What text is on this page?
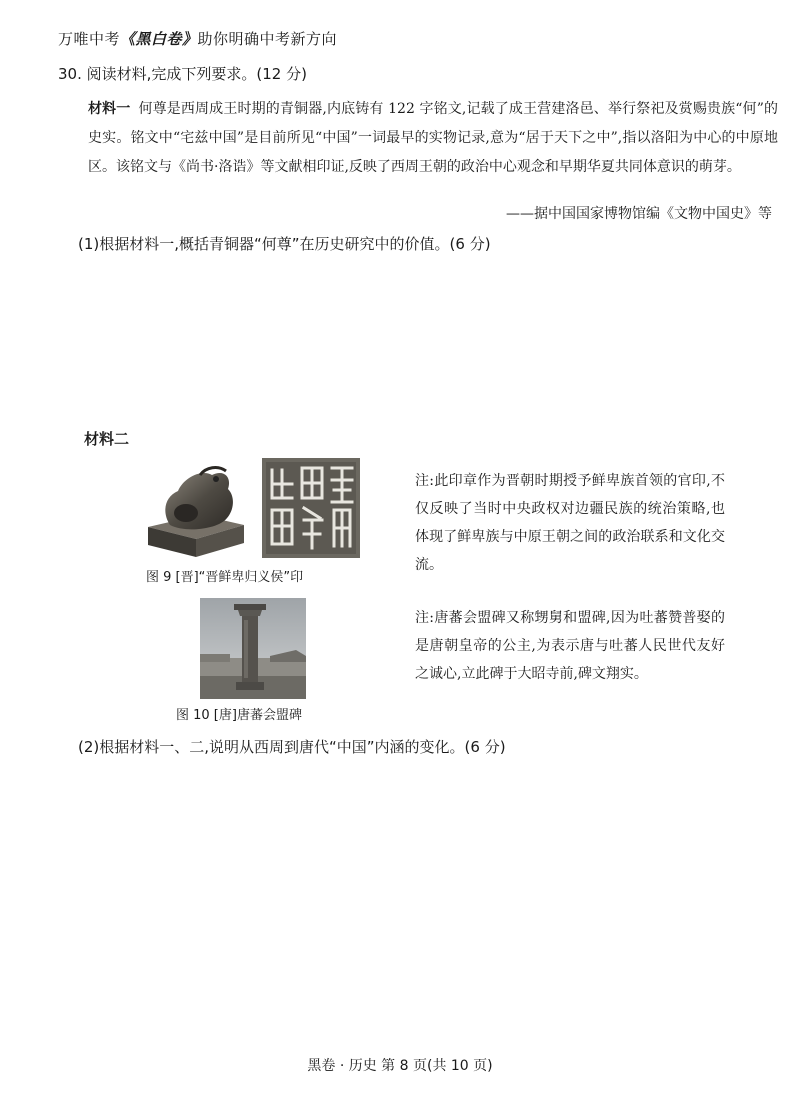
万唯中考《黑白卷》助你明确中考新方向
30. 阅读材料,完成下列要求。(12 分)
材料一 何尊是西周成王时期的青铜器,内底铸有 122 字铭文,记载了成王营建洛邑、举行祭祀及赏赐贵族“何”的史实。铭文中“宅兹中国”是目前所见“中国”一词最早的实物记录,意为“居于天下之中”,指以洛阳为中心的中原地区。该铭文与《尚书·洛诰》等文献相印证,反映了西周王朝的政治中心观念和早期华夏共同体意识的萌芽。
——据中国国家博物馆编《文物中国史》等
(1)根据材料一,概括青铜器“何尊”在历史研究中的价值。(6 分)
材料二
图 9 [晋]“晋鲜卑归义侯”印
注:此印章作为晋朝时期授予鲜卑族首领的官印,不仅反映了当时中央政权对边疆民族的统治策略,也体现了鲜卑族与中原王朝之间的政治联系和文化交流。
图 10 [唐]唐蕃会盟碑
注:唐蕃会盟碑又称甥舅和盟碑,因为吐蕃赞普娶的是唐朝皇帝的公主,为表示唐与吐蕃人民世代友好之诚心,立此碑于大昭寺前,碑文翔实。
(2)根据材料一、二,说明从西周到唐代“中国”内涵的变化。(6 分)
黑卷 · 历史 第 8 页(共 10 页)
